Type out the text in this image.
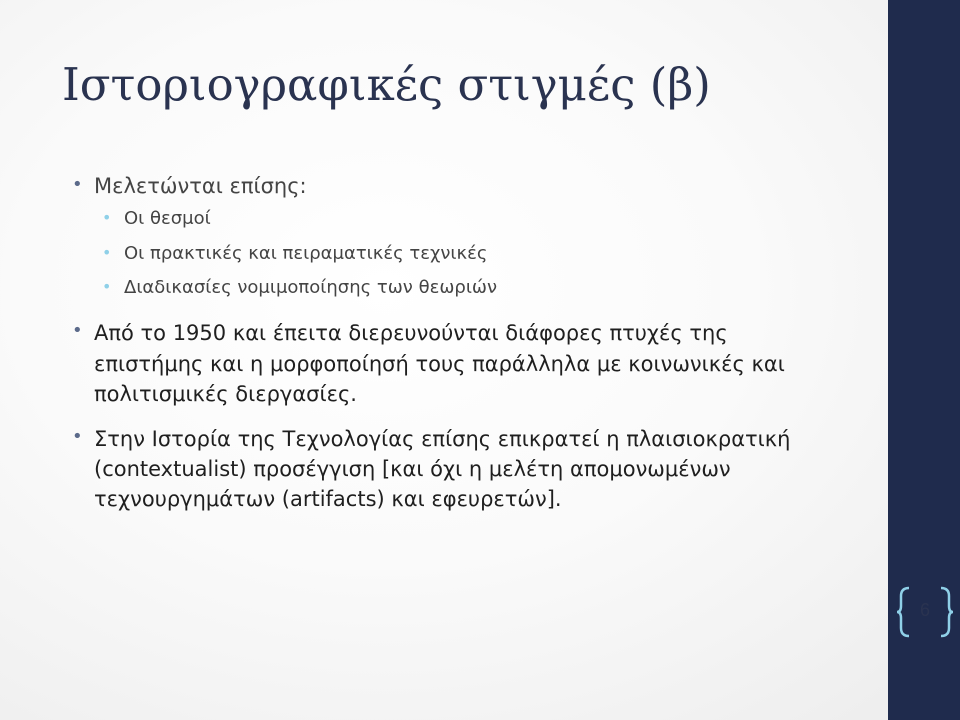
Ιστοριογραφικές στιγμές (β)
• Μελετώνται επίσης:
• Οι θεσμοί
• Οι πρακτικές και πειραματικές τεχνικές
• Διαδικασίες νομιμοποίησης των θεωριών
• Από το 1950 και έπειτα διερευνούνται διάφορες πτυχές της επιστήμης και η μορφοποίησή τους παράλληλα με κοινωνικές και πολιτισμικές διεργασίες.
• Στην Ιστορία της Τεχνολογίας επίσης επικρατεί η πλαισιοκρατική (contextualist) προσέγγιση [και όχι η μελέτη απομονωμένων τεχνουργημάτων (artifacts) και εφευρετών].
6
